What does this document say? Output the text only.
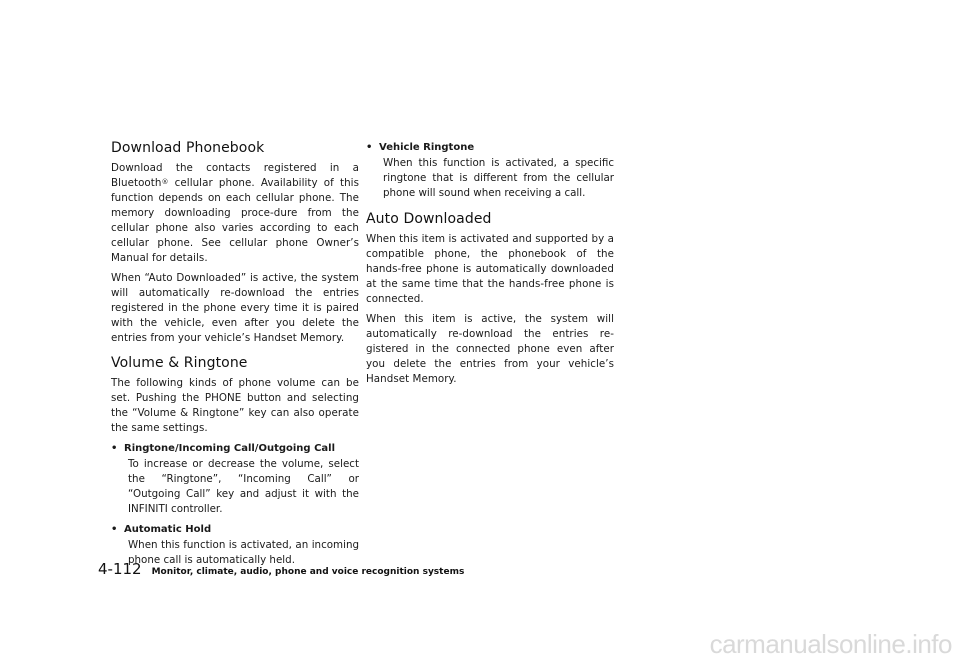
Download Phonebook

Download the contacts registered in a Bluetooth® cellular phone. Availability of this function depends on each cellular phone. The memory downloading proce-dure from the cellular phone also varies according to each cellular phone. See cellular phone Owner’s Manual for details.

When “Auto Downloaded” is active, the system will automatically re-download the entries registered in the phone every time it is paired with the vehicle, even after you delete the entries from your vehicle’s Handset Memory.

Volume & Ringtone

The following kinds of phone volume can be set. Pushing the PHONE button and selecting the “Volume & Ringtone” key can also operate the same settings.

• Ringtone/Incoming Call/Outgoing Call
To increase or decrease the volume, select the “Ringtone”, “Incoming Call” or “Outgoing Call” key and adjust it with the INFINITI controller.
• Automatic Hold
When this function is activated, an incoming phone call is automatically held.
• Vehicle Ringtone
When this function is activated, a specific ringtone that is different from the cellular phone will sound when receiving a call.
Auto Downloaded

When this item is activated and supported by a compatible phone, the phonebook of the hands-free phone is automatically downloaded at the same time that the hands-free phone is connected.

When this item is active, the system will automatically re-download the entries re-gistered in the connected phone even after you delete the entries from your vehicle’s Handset Memory.

4-112 Monitor, climate, audio, phone and voice recognition systems
carmanualsonline.info
